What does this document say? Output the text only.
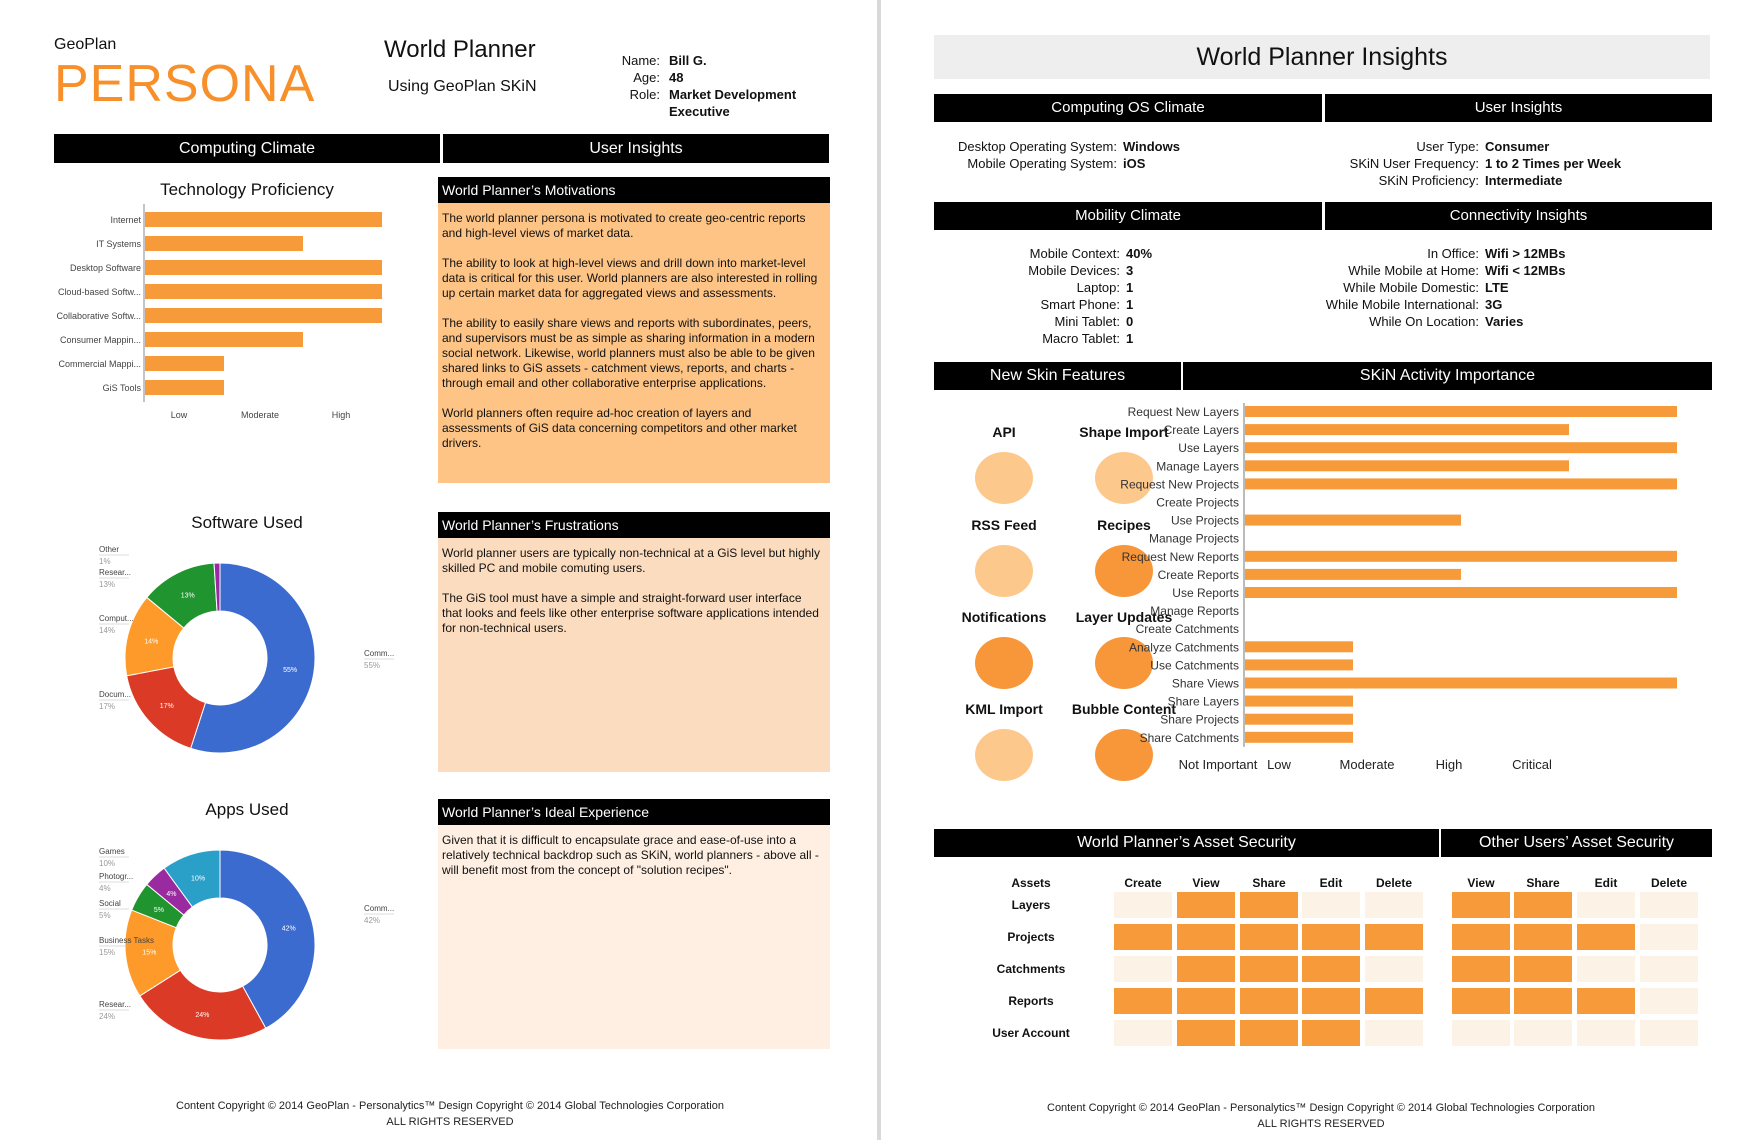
GeoPlan
PERSONA
World Planner
Using GeoPlan SKiN
Name: Bill G.
Age: 48
Role: Market Development Executive
Computing Climate	User Insights
Technology Proficiency
Internet
IT Systems
Desktop Software
Cloud-based Softw...
Collaborative Softw...
Consumer Mappin...
Commercial Mappi...
GiS Tools
Low	Moderate	High
Software Used
55%
17%
14%
13%
Comm...
55%
Docum...
17%
Comput...
14%
Resear...
13%
Other
1%
Apps Used
42%
24%
15%
5%
4%
10%
Comm...
42%
Resear...
24%
Business Tasks
15%
Social
5%
Photogr...
4%
Games
10%
World Planner’s Motivations

The world planner persona is motivated to create geo-centric reports and high-level views of market data.

The ability to look at high-level views and drill down into market-level data is critical for this user. World planners are also interested in rolling up certain market data for aggregated views and assessments.

The ability to easily share views and reports with subordinates, peers, and supervisors must be as simple as sharing information in a modern social network. Likewise, world planners must also be able to be given shared links to GiS assets - catchment views, reports, and charts - through email and other collaborative enterprise applications.

World planners often require ad-hoc creation of layers and assessments of GiS data concerning competitors and other market drivers.

World Planner’s Frustrations

World planner users are typically non-technical at a GiS level but highly skilled PC and mobile comuting users.

The GiS tool must have a simple and straight-forward user interface that looks and feels like other enterprise software applications intended for non-technical users.

World Planner’s Ideal Experience

Given that it is difficult to encapsulate grace and ease-of-use into a relatively technical backdrop such as SKiN, world planners - above all - will benefit most from the concept of "solution recipes".

Content Copyright © 2014 GeoPlan - Personalytics™ Design Copyright © 2014 Global Technologies Corporation
ALL RIGHTS RESERVED
World Planner Insights
Computing OS Climate	User Insights
Desktop Operating System: Windows
Mobile Operating System: iOS
User Type: Consumer
SKiN User Frequency: 1 to 2 Times per Week
SKiN Proficiency: Intermediate
Mobility Climate	Connectivity Insights
Mobile Context: 40%
Mobile Devices: 3
Laptop: 1
Smart Phone: 1
Mini Tablet: 0
Macro Tablet: 1
In Office: Wifi > 12MBs
While Mobile at Home: Wifi < 12MBs
While Mobile Domestic: LTE
While Mobile International: 3G
While On Location: Varies
New Skin Features	SKiN Activity Importance
API	Shape Import
RSS Feed	Recipes
Notifications	Layer Updates
KML Import	Bubble Content
Request New Layers
Create Layers
Use Layers
Manage Layers
Request New Projects
Create Projects
Use Projects
Manage Projects
Request New Reports
Create Reports
Use Reports
Manage Reports
Create Catchments
Analyze Catchments
Use Catchments
Share Views
Share Layers
Share Projects
Share Catchments
Not Important Low	Moderate	High	Critical
World Planner’s Asset Security	Other Users’ Asset Security
Assets	Create	View	Share	Edit	Delete	View	Share	Edit	Delete
Layers
Projects
Catchments
Reports
User Account
Content Copyright © 2014 GeoPlan - Personalytics™ Design Copyright © 2014 Global Technologies Corporation
ALL RIGHTS RESERVED
